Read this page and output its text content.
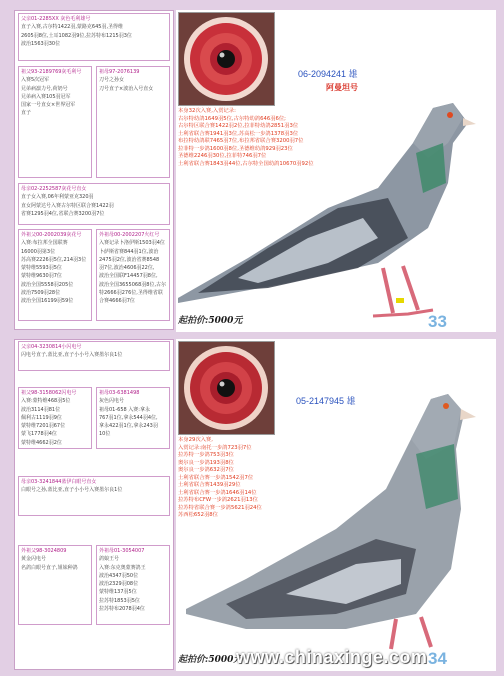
父亲01-2285XX 灰色毛利雄号
直子入赛,古尔特1422羽,蒙路克645羽,圣得维
2605羽8位,土耳1082羽9位,拉苏特布1215羽3位
波治1563羽30位
祖父93-2189769灰毛利号
入赛5次冠军
兄弟病凛力号,荷奶号
兄弟病入赛105羽冠军
国家一号直女×世界冠军
直子
祖母97-2076139
刀号之孙女
刀号直子×波治入号直女
母亲02-2252587灰花号直女
直子女入赛,06年利蒙亚克320羽
直女阿蒙达号入赛古尔特区联合赛1422羽
省赛1295羽4位,省联合赛3200羽7位
外祖父00-2002039灰花号
入赛:布拉邦全国联赛
16000羽第3位
苏高赛2226羽5位,214羽3位
蒙特维5593羽5位
蒙特维9630羽7位
波治全国5558羽205位
波治7509羽28位
波治全国16199羽59位
外祖母00-2002207火红号
入赛记录卜洛伊斯1503羽4位
卜萨斯省赛844羽1位,波治
2475羽2位,波治省赛8548
羽7位,波治4606羽22位,
波治全国联F14457羽8位,
波治全国3655068羽8位,古尔
特2666羽276位,圣得维省联
合赛4666羽7位
06-2094241 雄
阿曼坦号
本身32次入赛,入赏记录:
古尔特幼鸽1649羽5位,古尔特幼鸽646羽6位;
古尔特区联合赛1422羽2位,拉菲特幼鸽2851羽3位
土利省联合赛1941羽3位,苏高松一步鸽1378羽3位
布拉特幼鸽联7465羽7位,布拉邦省联合赛3200羽7位
拉菲特一步鸽1600羽8位,圣德维幼鸽929羽23位
圣德维2246羽30位,拉菲特746羽7位
土利省联合赛1843羽44位,古尔特全国幼鸽10670羽92位
起拍价:5000元	33
父亲04-3230814小闪电号
闪电号直子,蓝比亚,直子小小号入赛墨尔良1位
祖父98-3158062闪电号
入赛:蒙特维468羽5位
波治3114羽81位
佩利古1119羽9位
蒙特维7201羽67位
蒙飞1778羽4位
蒙特维4662羽2位
祖母03-6381498
灰色闪电号
祖母01-658 入赛:拿永
767羽1位,拿永544羽4位,
拿永422羽1位,拿永243羽
10位
母亲03-3241844蓝伊白眼号直女
白眼号之孙,蓝比亚,直子小小号入赛墨尔良1位
外祖父98-3024809
黄金闪电号
名鸽白眼号直子,姐妹种鸽
外祖母01-3054007
鸽娘王号
入赛:东克奥蒙赛鸽王
波治4347羽50位
波治2329羽08位
蒙特维137羽5位
拉苏特1853羽5位
拉苏特布2078羽4位
05-2147945 雄
本身29次入赛,
入赏记录:南托一步鸽723羽7位
拉苏特一步鸽753羽3位
奥尔良一步鸽193羽8位
奥尔良一步鸽632羽7位
土利省联合赛一步鸽1542羽7位
土利省联合赛1439羽29位
土利省联合赛一步鸽1646羽14位
拉苏特布CFW一步鸽2621羽13位
拉苏特省联合赛一步鸽5621羽24位
苏西松652羽8位
起拍价:5000元	34
www.chinaxinge.com
